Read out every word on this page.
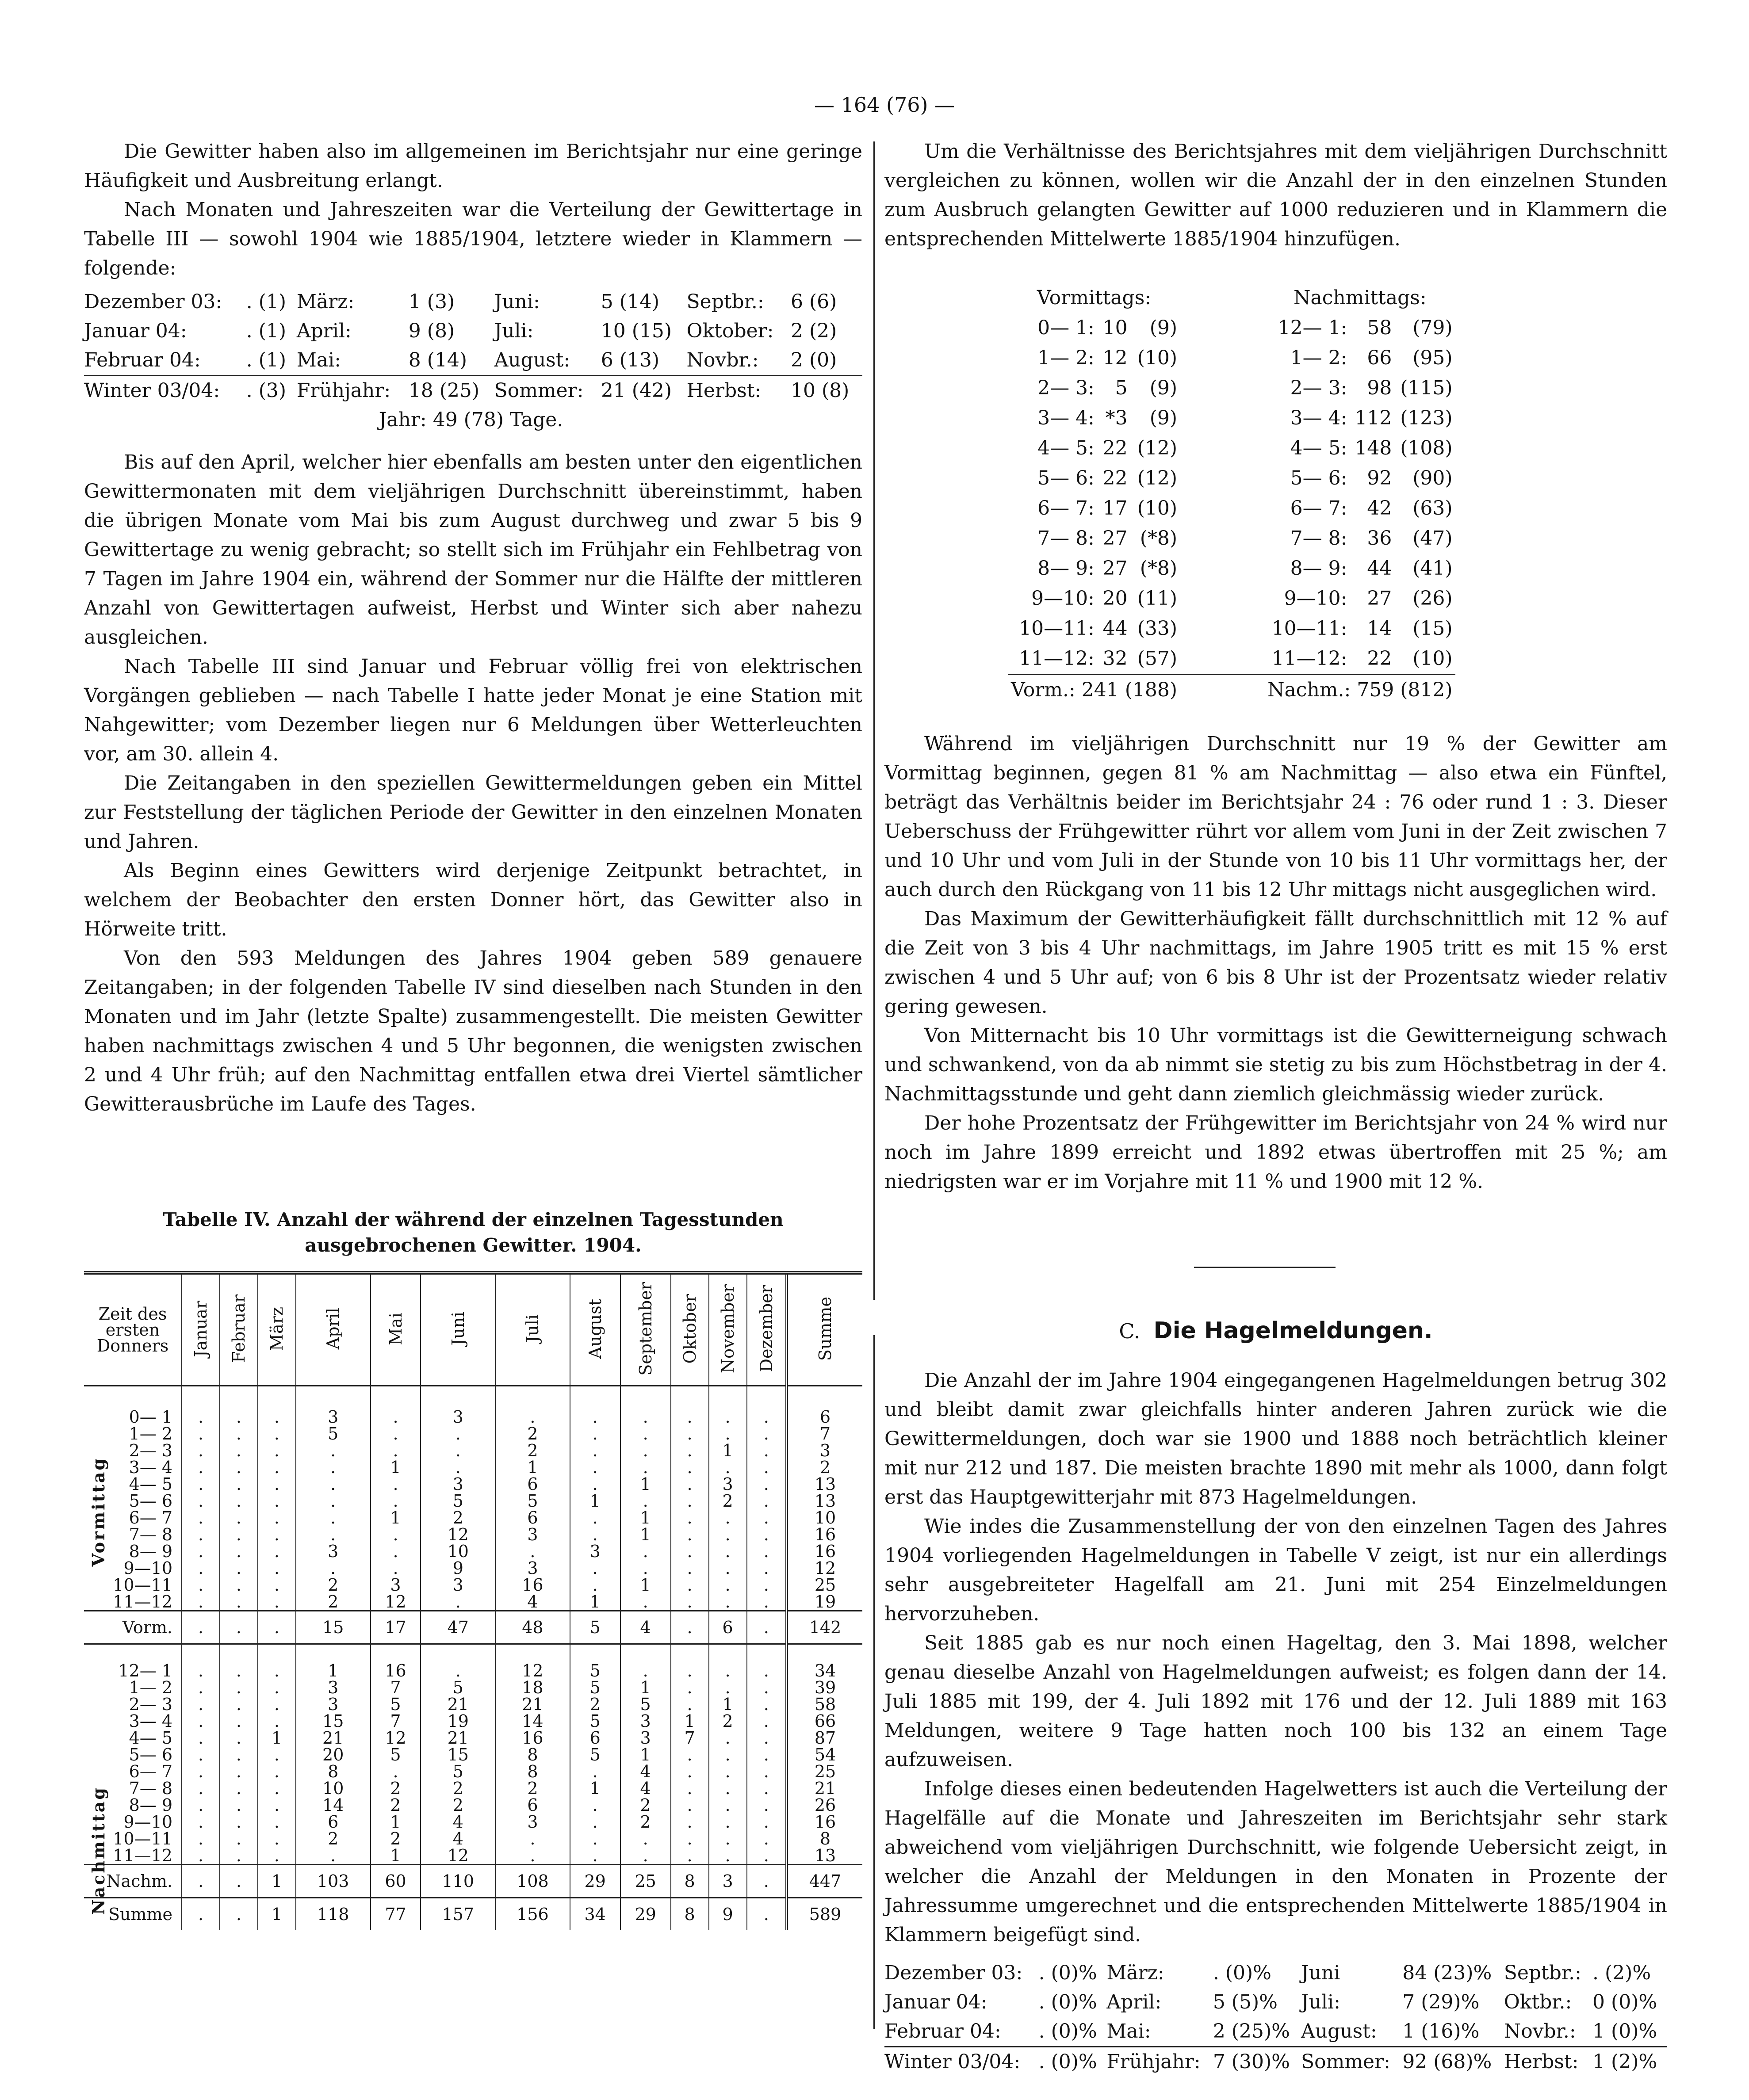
— 164 (76) —

Die Gewitter haben also im allgemeinen im Berichtsjahr nur eine geringe Häufigkeit und Ausbreitung erlangt.

Nach Monaten und Jahreszeiten war die Verteilung der Gewittertage in Tabelle III — sowohl 1904 wie 1885/1904, letztere wieder in Klammern — folgende:

Dezember 03:	. (1)	März:	1 (3)	Juni:	5 (14)	Septbr.:	6 (6)
Januar 04:	. (1)	April:	9 (8)	Juli:	10 (15)	Oktober:	2 (2)
Februar 04:	. (1)	Mai:	8 (14)	August:	6 (13)	Novbr.:	2 (0)
Winter 03/04:	. (3)	Frühjahr:	18 (25)	Sommer:	21 (42)	Herbst:	10 (8)
Jahr: 49 (78) Tage.							

Bis auf den April, welcher hier ebenfalls am besten unter den eigentlichen Gewittermonaten mit dem vieljährigen Durchschnitt übereinstimmt, haben die übrigen Monate vom Mai bis zum August durchweg und zwar 5 bis 9 Gewittertage zu wenig gebracht; so stellt sich im Frühjahr ein Fehlbetrag von 7 Tagen im Jahre 1904 ein, während der Sommer nur die Hälfte der mittleren Anzahl von Gewittertagen aufweist, Herbst und Winter sich aber nahezu ausgleichen.

Nach Tabelle III sind Januar und Februar völlig frei von elektrischen Vorgängen geblieben — nach Tabelle I hatte jeder Monat je eine Station mit Nahgewitter; vom Dezember liegen nur 6 Meldungen über Wetterleuchten vor, am 30. allein 4.

Die Zeitangaben in den speziellen Gewittermeldungen geben ein Mittel zur Feststellung der täglichen Periode der Gewitter in den einzelnen Monaten und Jahren.

Als Beginn eines Gewitters wird derjenige Zeitpunkt betrachtet, in welchem der Beobachter den ersten Donner hört, das Gewitter also in Hörweite tritt.

Von den 593 Meldungen des Jahres 1904 geben 589 genauere Zeitangaben; in der folgenden Tabelle IV sind dieselben nach Stunden in den Monaten und im Jahr (letzte Spalte) zusammengestellt. Die meisten Gewitter haben nachmittags zwischen 4 und 5 Uhr begonnen, die wenigsten zwischen 2 und 4 Uhr früh; auf den Nachmittag entfallen etwa drei Viertel sämtlicher Gewitterausbrüche im Laufe des Tages.

Tabelle IV. Anzahl der während der einzelnen Tagesstunden
ausgebrochenen Gewitter. 1904.
Zeit des ersten Donners	Januar	Februar	März	April	Mai	Juni	Juli	August	September	Oktober	November	Dezember	Summe
0— 1	.	.	.	3	.	3	.	.	.	.	.	.	6
1— 2	.	.	.	5	.	.	2	.	.	.	.	.	7
2— 3	.	.	.	.	.	.	2	.	.	.	1	.	3
3— 4	.	.	.	.	1	.	1	.	.	.	.	.	2
4— 5	.	.	.	.	.	3	6	.	1	.	3	.	13
5— 6	.	.	.	.	.	5	5	1	.	.	2	.	13
6— 7	.	.	.	.	1	2	6	.	1	.	.	.	10
7— 8	.	.	.	.	.	12	3	.	1	.	.	.	16
8— 9	.	.	.	3	.	10	.	3	.	.	.	.	16
9—10	.	.	.	.	.	9	3	.	.	.	.	.	12
10—11	.	.	.	2	3	3	16	.	1	.	.	.	25
11—12	.	.	.	2	12	.	4	1	.	.	.	.	19
Vorm.	.	.	.	15	17	47	48	5	4	.	6	.	142
12— 1	.	.	.	1	16	.	12	5	.	.	.	.	34
1— 2	.	.	.	3	7	5	18	5	1	.	.	.	39
2— 3	.	.	.	3	5	21	21	2	5	.	1	.	58
3— 4	.	.	.	15	7	19	14	5	3	1	2	.	66
4— 5	.	.	1	21	12	21	16	6	3	7	.	.	87
5— 6	.	.	.	20	5	15	8	5	1	.	.	.	54
6— 7	.	.	.	8	.	5	8	.	4	.	.	.	25
7— 8	.	.	.	10	2	2	2	1	4	.	.	.	21
8— 9	.	.	.	14	2	2	6	.	2	.	.	.	26
9—10	.	.	.	6	1	4	3	.	2	.	.	.	16
10—11	.	.	.	2	2	4	.	.	.	.	.	.	8
11—12	.	.	.	.	1	12	.	.	.	.	.	.	13
Nachm.	.	.	1	103	60	110	108	29	25	8	3	.	447
Summe	.	.	1	118	77	157	156	34	29	8	9	.	589
Vormittag
Nachmittag

Um die Verhältnisse des Berichtsjahres mit dem vieljährigen Durchschnitt vergleichen zu können, wollen wir die Anzahl der in den einzelnen Stunden zum Ausbruch gelangten Gewitter auf 1000 reduzieren und in Klammern die entsprechenden Mittelwerte 1885/1904 hinzufügen.

Vormittags:				Nachmittags:		
0— 1:	10	(9)		12— 1:	58	(79)
1— 2:	12	(10)		1— 2:	66	(95)
2— 3:	5	(9)		2— 3:	98	(115)
3— 4:	*3	(9)		3— 4:	112	(123)
4— 5:	22	(12)		4— 5:	148	(108)
5— 6:	22	(12)		5— 6:	92	(90)
6— 7:	17	(10)		6— 7:	42	(63)
7— 8:	27	(*8)		7— 8:	36	(47)
8— 9:	27	(*8)		8— 9:	44	(41)
9—10:	20	(11)		9—10:	27	(26)
10—11:	44	(33)		10—11:	14	(15)
11—12:	32	(57)		11—12:	22	(10)
Vorm.: 241 (188)				Nachm.: 759 (812)		

Während im vieljährigen Durchschnitt nur 19 % der Gewitter am Vormittag beginnen, gegen 81 % am Nachmittag — also etwa ein Fünftel, beträgt das Verhältnis beider im Berichtsjahr 24 : 76 oder rund 1 : 3. Dieser Ueberschuss der Frühgewitter rührt vor allem vom Juni in der Zeit zwischen 7 und 10 Uhr und vom Juli in der Stunde von 10 bis 11 Uhr vormittags her, der auch durch den Rückgang von 11 bis 12 Uhr mittags nicht ausgeglichen wird.

Das Maximum der Gewitterhäufigkeit fällt durchschnittlich mit 12 % auf die Zeit von 3 bis 4 Uhr nachmittags, im Jahre 1905 tritt es mit 15 % erst zwischen 4 und 5 Uhr auf; von 6 bis 8 Uhr ist der Prozentsatz wieder relativ gering gewesen.

Von Mitternacht bis 10 Uhr vormittags ist die Gewitterneigung schwach und schwankend, von da ab nimmt sie stetig zu bis zum Höchstbetrag in der 4. Nachmittagsstunde und geht dann ziemlich gleichmässig wieder zurück.

Der hohe Prozentsatz der Frühgewitter im Berichtsjahr von 24 % wird nur noch im Jahre 1899 erreicht und 1892 etwas übertroffen mit 25 %; am niedrigsten war er im Vorjahre mit 11 % und 1900 mit 12 %.

C. Die Hagelmeldungen.

Die Anzahl der im Jahre 1904 eingegangenen Hagelmeldungen betrug 302 und bleibt damit zwar gleichfalls hinter anderen Jahren zurück wie die Gewittermeldungen, doch war sie 1900 und 1888 noch beträchtlich kleiner mit nur 212 und 187. Die meisten brachte 1890 mit mehr als 1000, dann folgt erst das Hauptgewitterjahr mit 873 Hagelmeldungen.

Wie indes die Zusammenstellung der von den einzelnen Tagen des Jahres 1904 vorliegenden Hagelmeldungen in Tabelle V zeigt, ist nur ein allerdings sehr ausgebreiteter Hagelfall am 21. Juni mit 254 Einzelmeldungen hervorzuheben.

Seit 1885 gab es nur noch einen Hageltag, den 3. Mai 1898, welcher genau dieselbe Anzahl von Hagelmeldungen aufweist; es folgen dann der 14. Juli 1885 mit 199, der 4. Juli 1892 mit 176 und der 12. Juli 1889 mit 163 Meldungen, weitere 9 Tage hatten noch 100 bis 132 an einem Tage aufzuweisen.

Infolge dieses einen bedeutenden Hagelwetters ist auch die Verteilung der Hagelfälle auf die Monate und Jahreszeiten im Berichtsjahr sehr stark abweichend vom vieljährigen Durchschnitt, wie folgende Uebersicht zeigt, in welcher die Anzahl der Meldungen in den Monaten in Prozente der Jahressumme umgerechnet und die entsprechenden Mittelwerte 1885/1904 in Klammern beigefügt sind.

Dezember 03:	. (0)%	März:	. (0)%	Juni	84 (23)%	Septbr.:	. (2)%
Januar 04:	. (0)%	April:	5 (5)%	Juli:	7 (29)%	Oktbr.:	0 (0)%
Februar 04:	. (0)%	Mai:	2 (25)%	August:	1 (16)%	Novbr.:	1 (0)%
Winter 03/04:	. (0)%	Frühjahr:	7 (30)%	Sommer:	92 (68)%	Herbst:	1 (2)%
